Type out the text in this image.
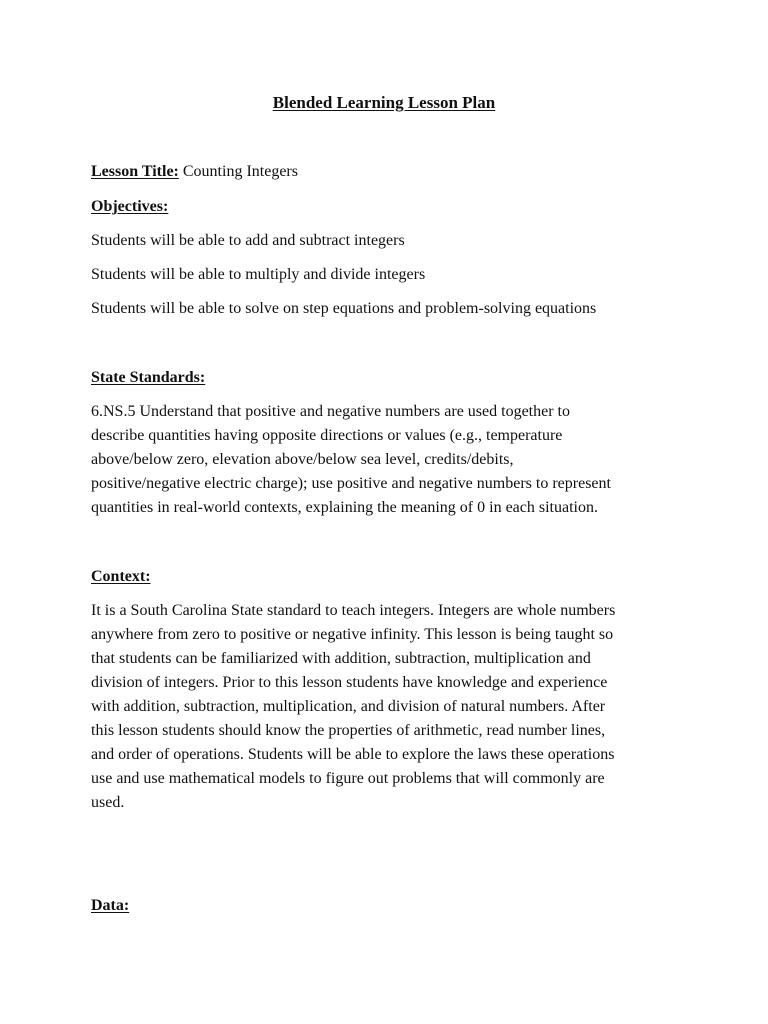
Blended Learning Lesson Plan
Lesson Title: Counting Integers
Objectives:
Students will be able to add and subtract integers
Students will be able to multiply and divide integers
Students will be able to solve on step equations and problem-solving equations
State Standards:
6.NS.5 Understand that positive and negative numbers are used together to
describe quantities having opposite directions or values (e.g., temperature
above/below zero, elevation above/below sea level, credits/debits,
positive/negative electric charge); use positive and negative numbers to represent
quantities in real-world contexts, explaining the meaning of 0 in each situation.
Context:
It is a South Carolina State standard to teach integers. Integers are whole numbers
anywhere from zero to positive or negative infinity. This lesson is being taught so
that students can be familiarized with addition, subtraction, multiplication and
division of integers. Prior to this lesson students have knowledge and experience
with addition, subtraction, multiplication, and division of natural numbers. After
this lesson students should know the properties of arithmetic, read number lines,
and order of operations. Students will be able to explore the laws these operations
use and use mathematical models to figure out problems that will commonly are
used.
Data:
